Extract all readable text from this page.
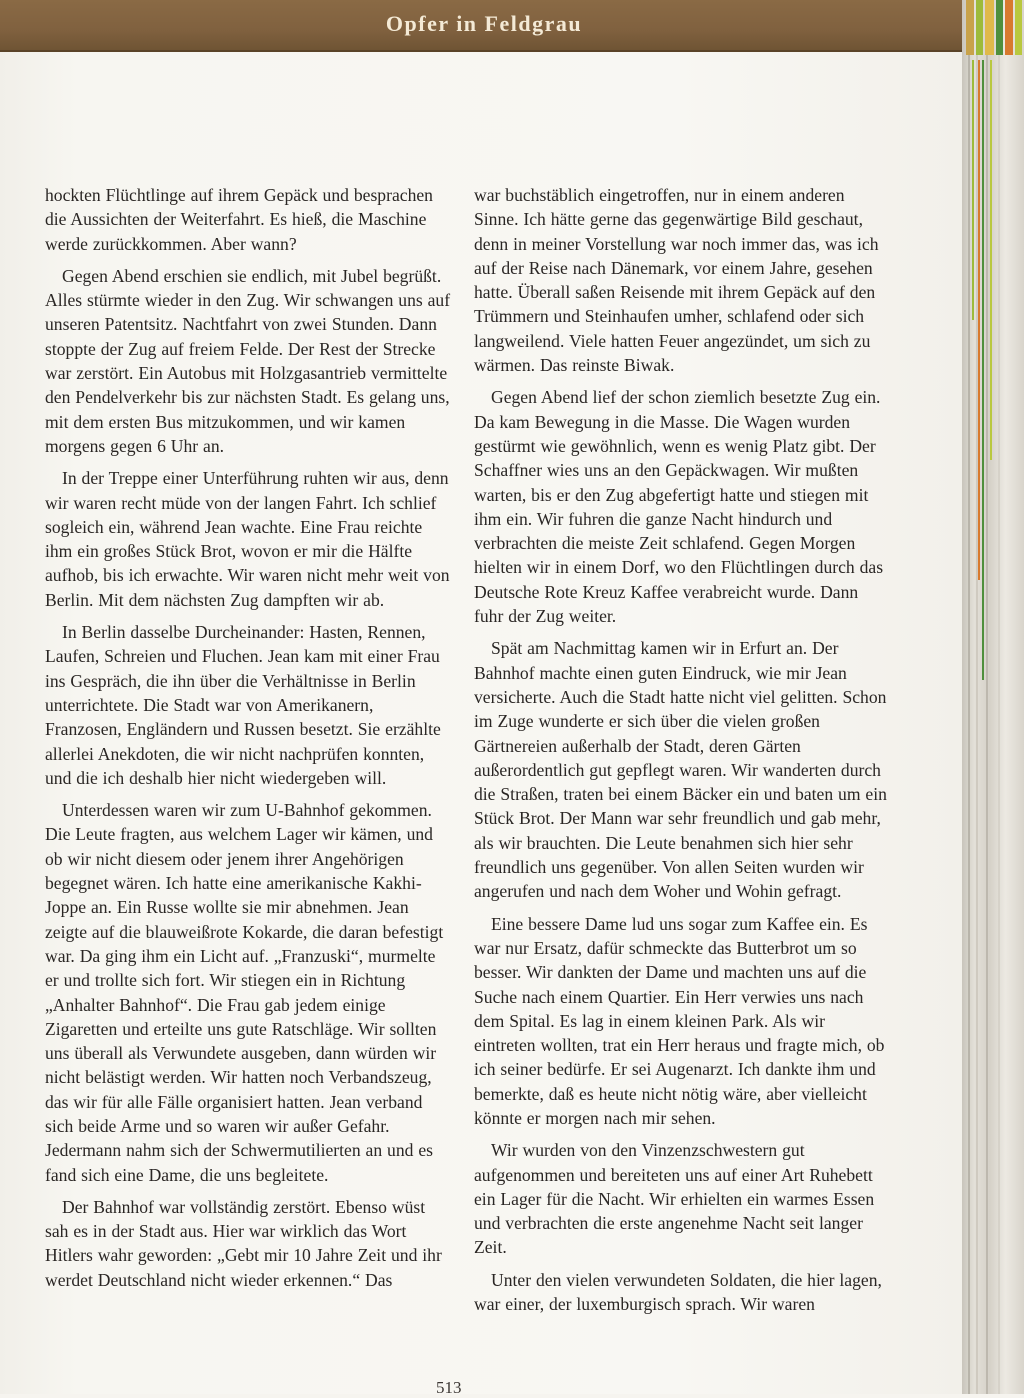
Opfer in Feldgrau

hockten Flüchtlinge auf ihrem Gepäck und besprachen die Aussichten der Weiterfahrt. Es hieß, die Maschine werde zurückkommen. Aber wann?

Gegen Abend erschien sie endlich, mit Jubel begrüßt. Alles stürmte wieder in den Zug. Wir schwangen uns auf unseren Patentsitz. Nachtfahrt von zwei Stunden. Dann stoppte der Zug auf freiem Felde. Der Rest der Strecke war zerstört. Ein Autobus mit Holzgasantrieb vermittelte den Pendelverkehr bis zur nächsten Stadt. Es gelang uns, mit dem ersten Bus mitzukommen, und wir kamen morgens gegen 6 Uhr an.

In der Treppe einer Unterführung ruhten wir aus, denn wir waren recht müde von der langen Fahrt. Ich schlief sogleich ein, während Jean wachte. Eine Frau reichte ihm ein großes Stück Brot, wovon er mir die Hälfte aufhob, bis ich erwachte. Wir waren nicht mehr weit von Berlin. Mit dem nächsten Zug dampften wir ab.

In Berlin dasselbe Durcheinander: Hasten, Rennen, Laufen, Schreien und Fluchen. Jean kam mit einer Frau ins Gespräch, die ihn über die Verhältnisse in Berlin unterrichtete. Die Stadt war von Amerikanern, Franzosen, Engländern und Russen besetzt. Sie erzählte allerlei Anekdoten, die wir nicht nachprüfen konnten, und die ich deshalb hier nicht wiedergeben will.

Unterdessen waren wir zum U-Bahnhof gekommen. Die Leute fragten, aus welchem Lager wir kämen, und ob wir nicht diesem oder jenem ihrer Angehörigen begegnet wären. Ich hatte eine amerikanische Kakhi-Joppe an. Ein Russe wollte sie mir abnehmen. Jean zeigte auf die blauweißrote Kokarde, die daran befestigt war. Da ging ihm ein Licht auf. „Franzuski“, murmelte er und trollte sich fort. Wir stiegen ein in Richtung „Anhalter Bahnhof“. Die Frau gab jedem einige Zigaretten und erteilte uns gute Ratschläge. Wir sollten uns überall als Verwundete ausgeben, dann würden wir nicht belästigt werden. Wir hatten noch Verbandszeug, das wir für alle Fälle organisiert hatten. Jean verband sich beide Arme und so waren wir außer Gefahr. Jedermann nahm sich der Schwermutilierten an und es fand sich eine Dame, die uns begleitete.

Der Bahnhof war vollständig zerstört. Ebenso wüst sah es in der Stadt aus. Hier war wirklich das Wort Hitlers wahr geworden: „Gebt mir 10 Jahre Zeit und ihr werdet Deutschland nicht wieder erkennen.“ Das

war buchstäblich eingetroffen, nur in einem anderen Sinne. Ich hätte gerne das gegenwärtige Bild geschaut, denn in meiner Vorstellung war noch immer das, was ich auf der Reise nach Dänemark, vor einem Jahre, gesehen hatte. Überall saßen Reisende mit ihrem Gepäck auf den Trümmern und Steinhaufen umher, schlafend oder sich langweilend. Viele hatten Feuer angezündet, um sich zu wärmen. Das reinste Biwak.

Gegen Abend lief der schon ziemlich besetzte Zug ein. Da kam Bewegung in die Masse. Die Wagen wurden gestürmt wie gewöhnlich, wenn es wenig Platz gibt. Der Schaffner wies uns an den Gepäckwagen. Wir mußten warten, bis er den Zug abgefertigt hatte und stiegen mit ihm ein. Wir fuhren die ganze Nacht hindurch und verbrachten die meiste Zeit schlafend. Gegen Morgen hielten wir in einem Dorf, wo den Flüchtlingen durch das Deutsche Rote Kreuz Kaffee verabreicht wurde. Dann fuhr der Zug weiter.

Spät am Nachmittag kamen wir in Erfurt an. Der Bahnhof machte einen guten Eindruck, wie mir Jean versicherte. Auch die Stadt hatte nicht viel gelitten. Schon im Zuge wunderte er sich über die vielen großen Gärtnereien außerhalb der Stadt, deren Gärten außerordentlich gut gepflegt waren. Wir wanderten durch die Straßen, traten bei einem Bäcker ein und baten um ein Stück Brot. Der Mann war sehr freundlich und gab mehr, als wir brauchten. Die Leute benahmen sich hier sehr freundlich uns gegenüber. Von allen Seiten wurden wir angerufen und nach dem Woher und Wohin gefragt.

Eine bessere Dame lud uns sogar zum Kaffee ein. Es war nur Ersatz, dafür schmeckte das Butterbrot um so besser. Wir dankten der Dame und machten uns auf die Suche nach einem Quartier. Ein Herr verwies uns nach dem Spital. Es lag in einem kleinen Park. Als wir eintreten wollten, trat ein Herr heraus und fragte mich, ob ich seiner bedürfe. Er sei Augenarzt. Ich dankte ihm und bemerkte, daß es heute nicht nötig wäre, aber vielleicht könnte er morgen nach mir sehen.

Wir wurden von den Vinzenzschwestern gut aufgenommen und bereiteten uns auf einer Art Ruhebett ein Lager für die Nacht. Wir erhielten ein warmes Essen und verbrachten die erste angenehme Nacht seit langer Zeit.

Unter den vielen verwundeten Soldaten, die hier lagen, war einer, der luxemburgisch sprach. Wir waren

513
